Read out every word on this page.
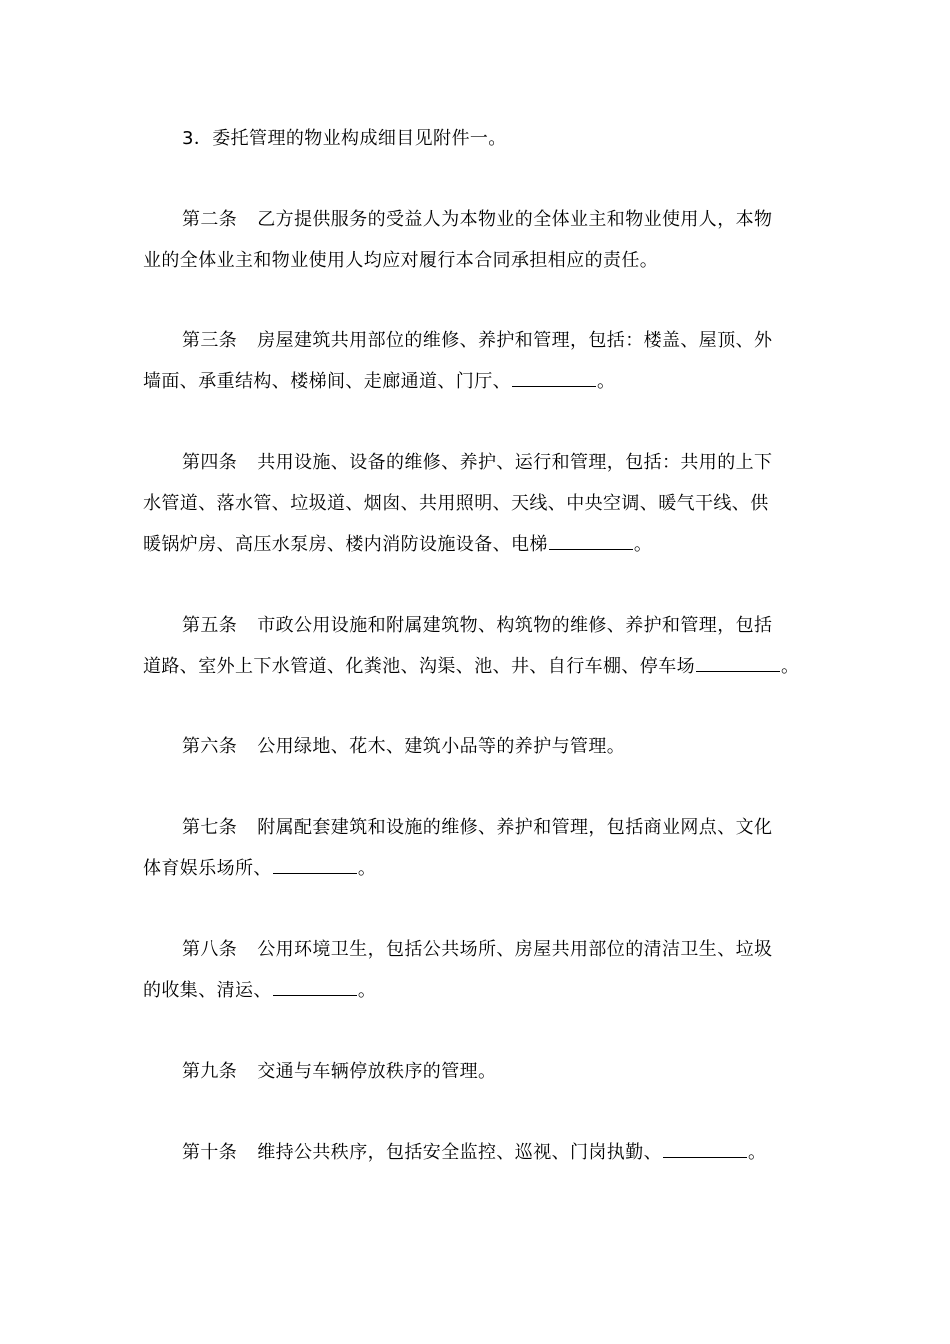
3．委托管理的物业构成细目见附件一。
第二条 乙方提供服务的受益人为本物业的全体业主和物业使用人，本物
业的全体业主和物业使用人均应对履行本合同承担相应的责任。
第三条 房屋建筑共用部位的维修、养护和管理，包括：楼盖、屋顶、外
墙面、承重结构、楼梯间、走廊通道、门厅、	。
第四条 共用设施、设备的维修、养护、运行和管理，包括：共用的上下
水管道、落水管、垃圾道、烟囱、共用照明、天线、中央空调、暖气干线、供
暖锅炉房、高压水泵房、楼内消防设施设备、电梯	。
第五条 市政公用设施和附属建筑物、构筑物的维修、养护和管理，包括
道路、室外上下水管道、化粪池、沟渠、池、井、自行车棚、停车场	。
第六条 公用绿地、花木、建筑小品等的养护与管理。
第七条 附属配套建筑和设施的维修、养护和管理，包括商业网点、文化
体育娱乐场所、	。
第八条 公用环境卫生，包括公共场所、房屋共用部位的清洁卫生、垃圾
的收集、清运、	。
第九条 交通与车辆停放秩序的管理。
第十条 维持公共秩序，包括安全监控、巡视、门岗执勤、	。
